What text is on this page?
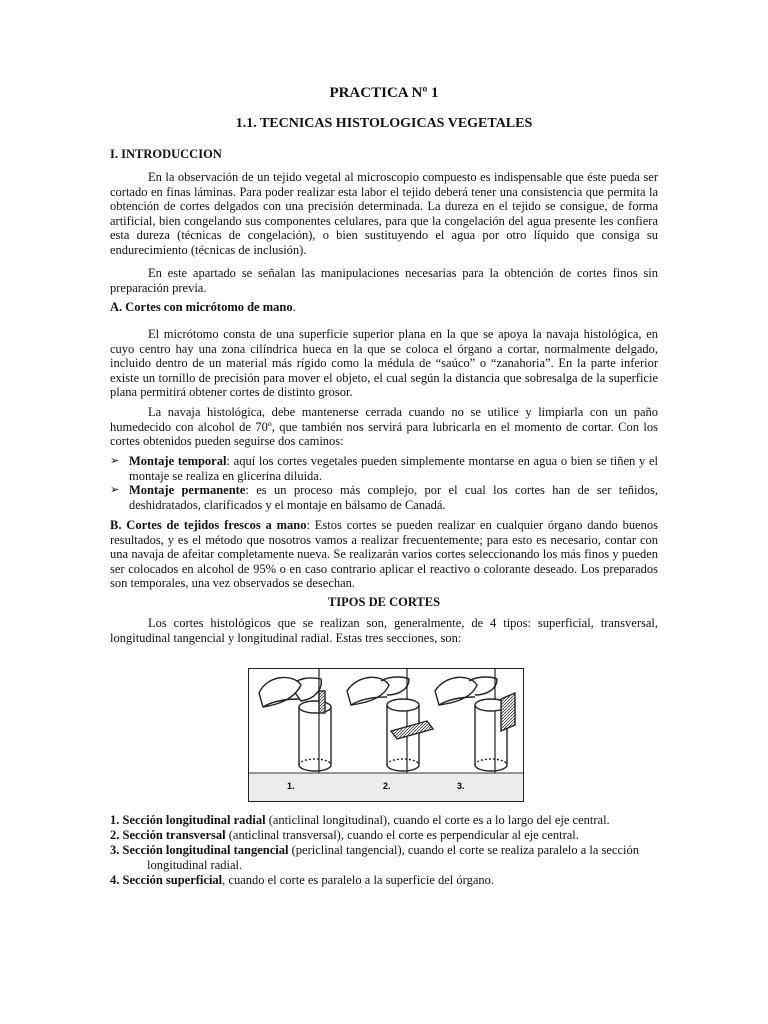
PRACTICA Nº 1
1.1. TECNICAS HISTOLOGICAS VEGETALES
I. INTRODUCCION
En la observación de un tejido vegetal al microscopio compuesto es indispensable que éste pueda ser cortado en finas láminas. Para poder realizar esta labor el tejido deberá tener una consistencia que permita la obtención de cortes delgados con una precisión determinada. La dureza en el tejido se consigue, de forma artificial, bien congelando sus componentes celulares, para que la congelación del agua presente les confiera esta dureza (técnicas de congelación), o bien sustituyendo el agua por otro líquido que consiga su endurecimiento (técnicas de inclusión).
En este apartado se señalan las manipulaciones necesarias para la obtención de cortes finos sin preparación previa.
A. Cortes con micrótomo de mano.
El micrótomo consta de una superficie superior plana en la que se apoya la navaja histológica, en cuyo centro hay una zona cilíndrica hueca en la que se coloca el órgano a cortar, normalmente delgado, incluido dentro de un material más rígido como la médula de “saúco” o “zanahoria”. En la parte inferior existe un tornillo de precisión para mover el objeto, el cual según la distancia que sobresalga de la superficie plana permitirá obtener cortes de distinto grosor.
La navaja histológica, debe mantenerse cerrada cuando no se utilice y limpiarla con un paño humedecido con alcohol de 70º, que también nos servirá para lubricarla en el momento de cortar. Con los cortes obtenidos pueden seguirse dos caminos:
➢ Montaje temporal: aquí los cortes vegetales pueden simplemente montarse en agua o bien se tiñen y el montaje se realiza en glicerina diluida.
➢ Montaje permanente: es un proceso más complejo, por el cual los cortes han de ser teñidos, deshidratados, clarificados y el montaje en bálsamo de Canadá.
B. Cortes de tejidos frescos a mano: Estos cortes se pueden realizar en cualquier órgano dando buenos resultados, y es el método que nosotros vamos a realizar frecuentemente; para esto es necesario, contar con una navaja de afeitar completamente nueva. Se realizarán varios cortes seleccionando los más finos y pueden ser colocados en alcohol de 95% o en caso contrario aplicar el reactivo o colorante deseado. Los preparados son temporales, una vez observados se desechan.
TIPOS DE CORTES
Los cortes histológicos que se realizan son, generalmente, de 4 tipos: superficial, transversal, longitudinal tangencial y longitudinal radial. Estas tres secciones, son:
1.	2.	3.
1. Sección longitudinal radial (anticlinal longitudinal), cuando el corte es a lo largo del eje central.
2. Sección transversal (anticlinal transversal), cuando el corte es perpendicular al eje central.
3. Sección longitudinal tangencial (periclinal tangencial), cuando el corte se realiza paralelo a la sección
longitudinal radial.
4. Sección superficial, cuando el corte es paralelo a la superficie del órgano.
